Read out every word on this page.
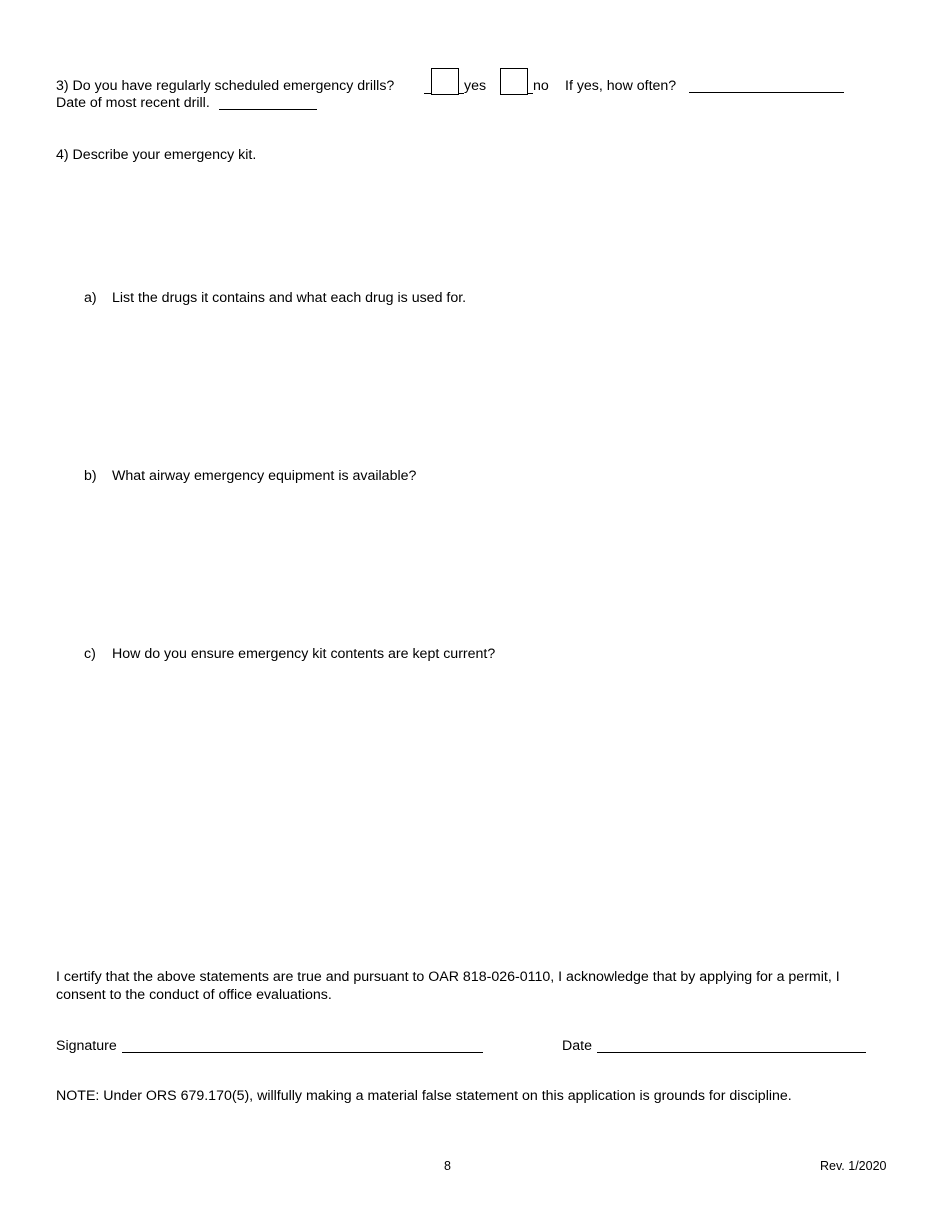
3) Do you have regularly scheduled emergency drills?	yes	no If yes, how often?
Date of most recent drill.
4) Describe your emergency kit.
a) List the drugs it contains and what each drug is used for.
b) What airway emergency equipment is available?
c) How do you ensure emergency kit contents are kept current?
I certify that the above statements are true and pursuant to OAR 818-026-0110, I acknowledge that by applying for a permit, I
consent to the conduct of office evaluations.
Signature	Date
NOTE: Under ORS 679.170(5), willfully making a material false statement on this application is grounds for discipline.
8	Rev. 1/2020
